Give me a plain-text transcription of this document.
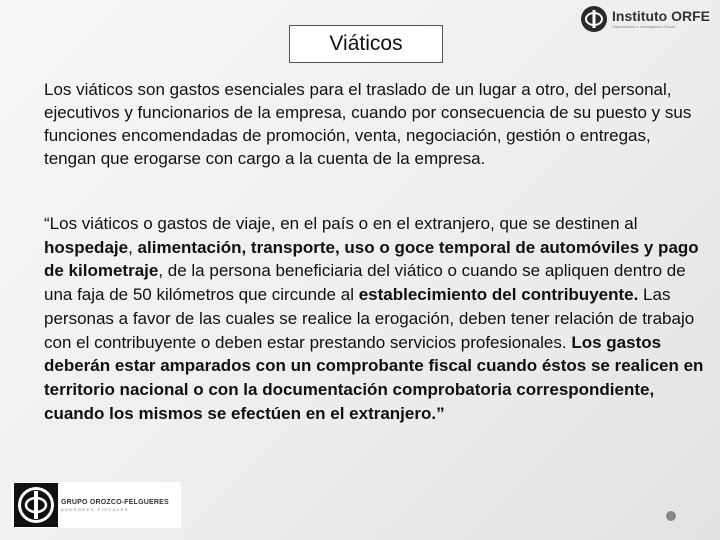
Viáticos
Instituto ORFE
Capacitación e Investigación Fiscal

Los viáticos son gastos esenciales para el traslado de un lugar a otro, del personal, ejecutivos y funcionarios de la empresa, cuando por consecuencia de su puesto y sus funciones encomendadas de promoción, venta, negociación, gestión o entregas, tengan que erogarse con cargo a la cuenta de la empresa.

“Los viáticos o gastos de viaje, en el país o en el extranjero, que se destinen al hospedaje, alimentación, transporte, uso o goce temporal de automóviles y pago de kilometraje, de la persona beneficiaria del viático o cuando se apliquen dentro de una faja de 50 kilómetros que circunde al establecimiento del contribuyente. Las personas a favor de las cuales se realice la erogación, deben tener relación de trabajo con el contribuyente o deben estar prestando servicios profesionales. Los gastos deberán estar amparados con un comprobante fiscal cuando éstos se realicen en territorio nacional o con la documentación comprobatoria correspondiente, cuando los mismos se efectúen en el extranjero.”

GRUPO OROZCO-FELGUERES
ASESORES FISCALES
